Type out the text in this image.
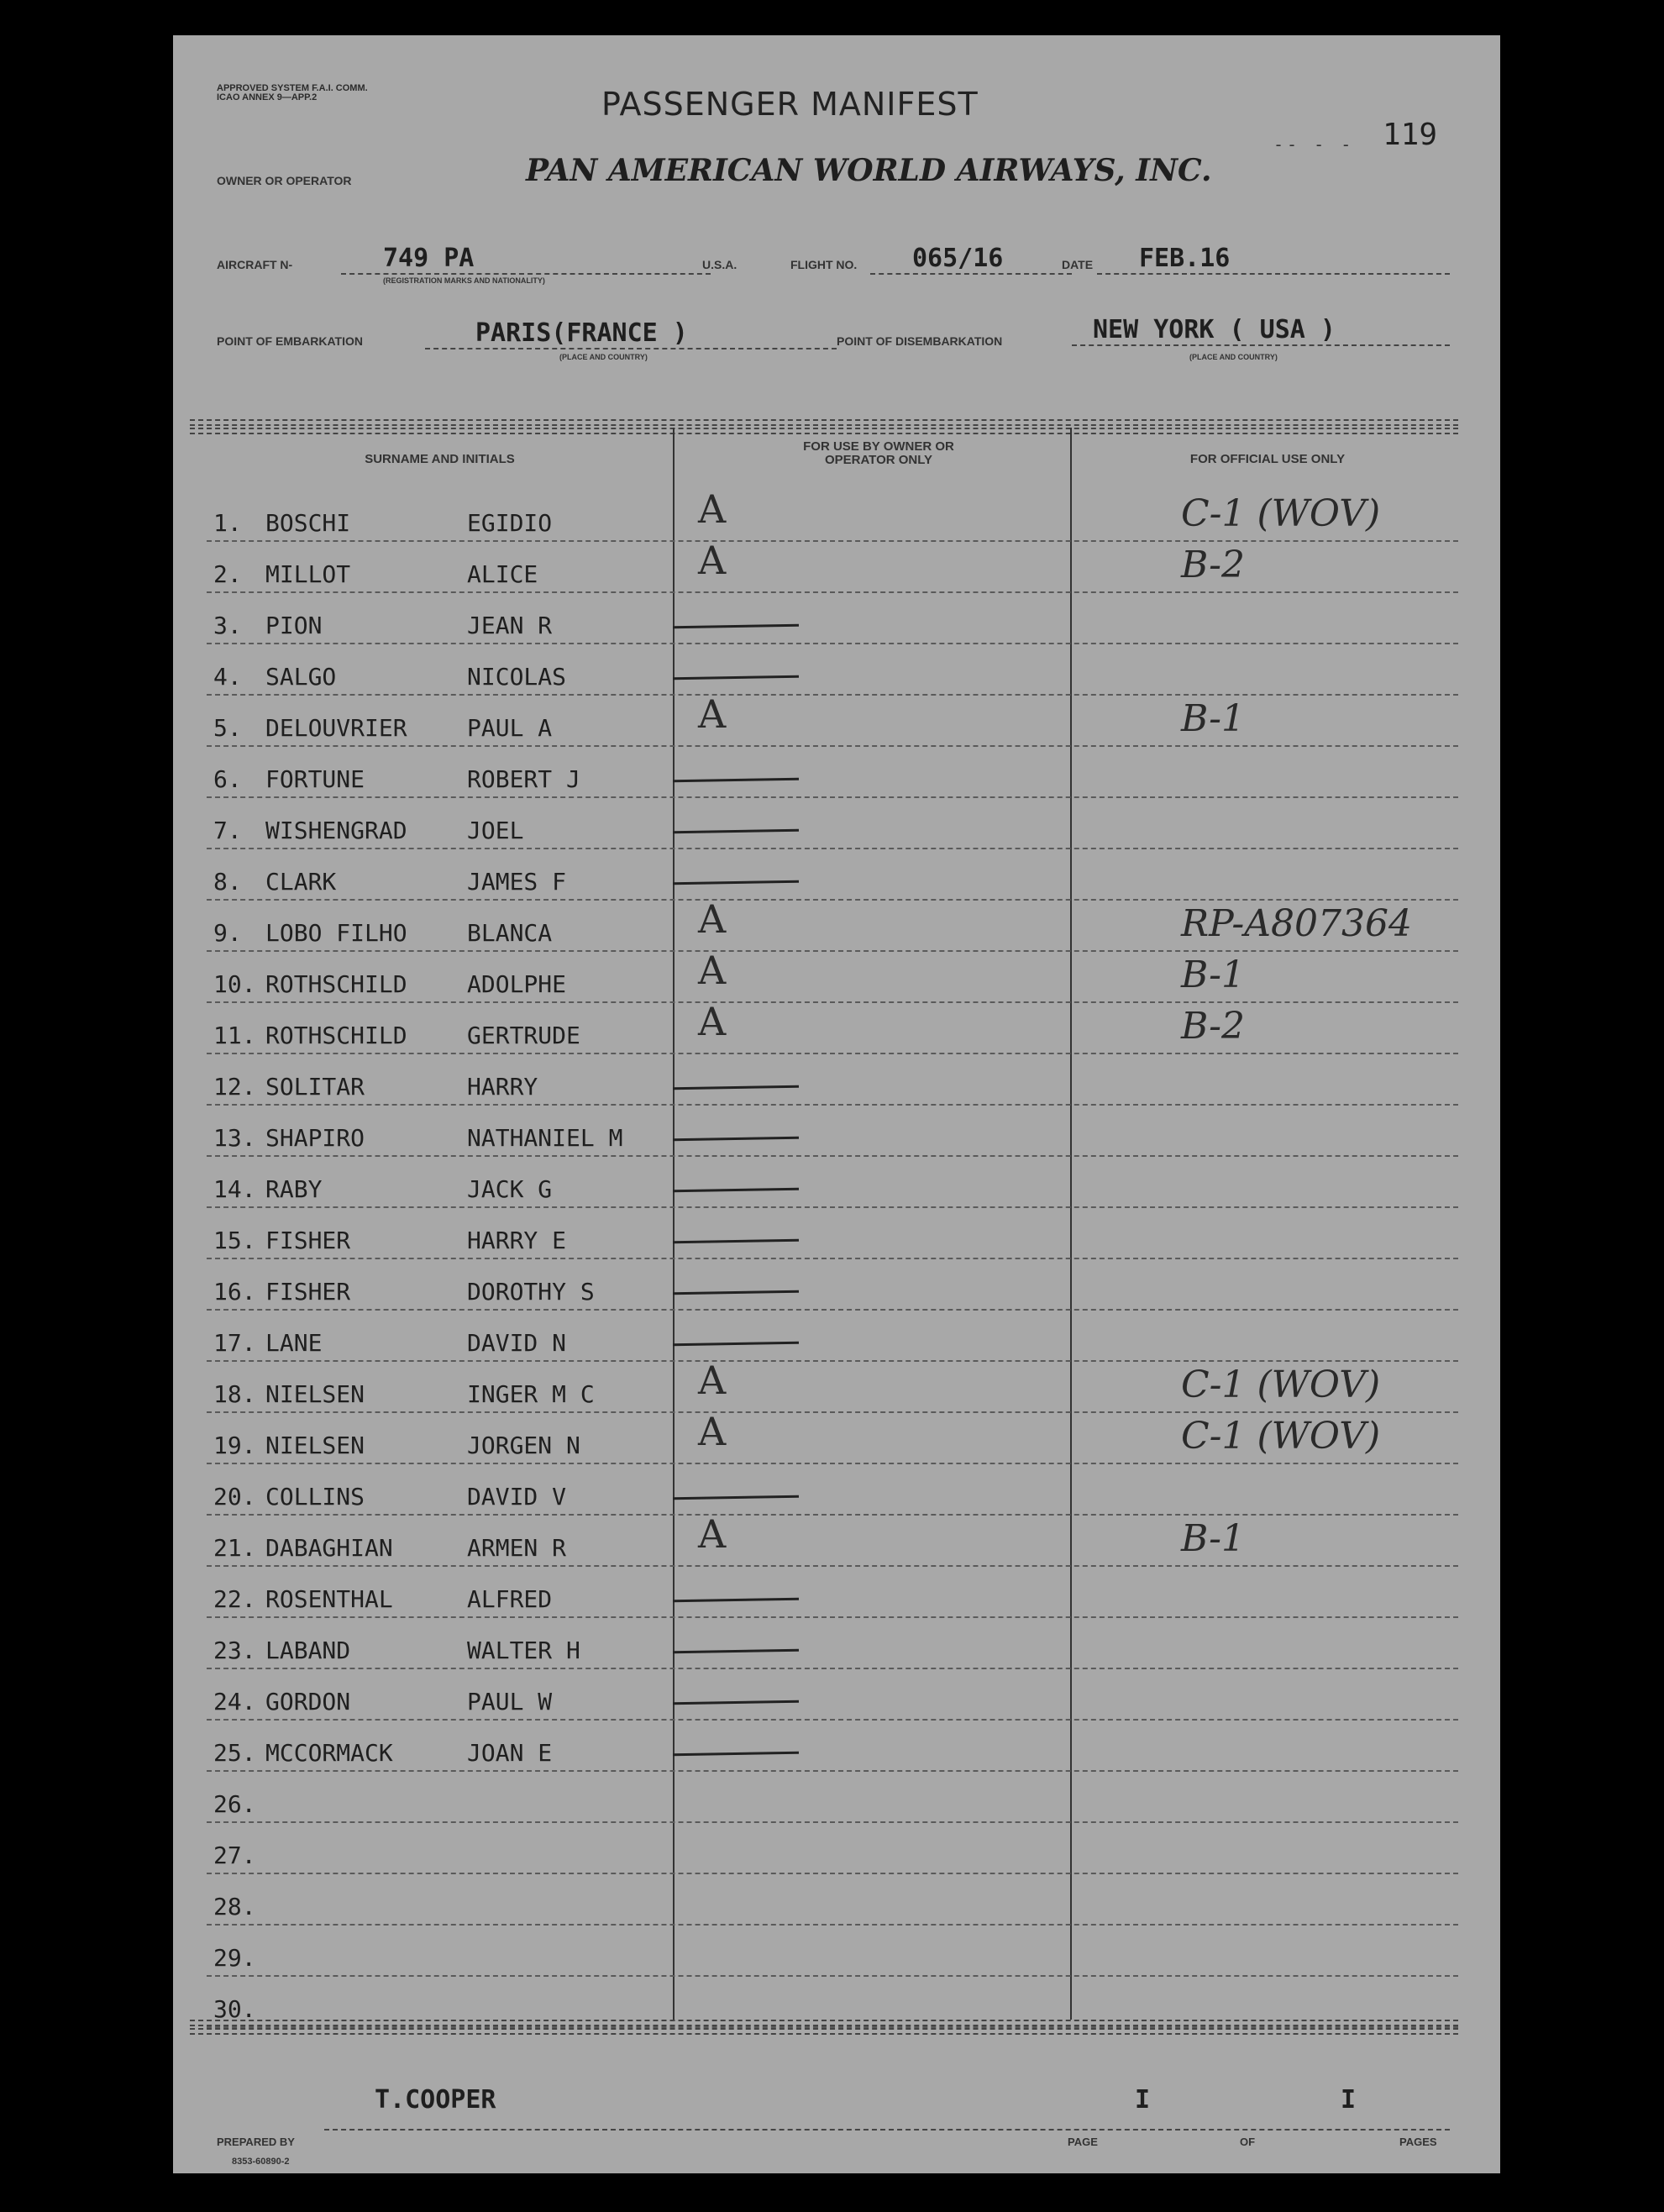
APPROVED SYSTEM F.A.I. COMM. ICAO ANNEX 9—APP.2	PASSENGER MANIFEST
-- - - 119
OWNER OR OPERATOR	PAN AMERICAN WORLD AIRWAYS, INC.
AIRCRAFT N-	749 PA
(REGISTRATION MARKS AND NATIONALITY)
U.S.A.	FLIGHT NO. 065/16	DATE FEB.16
POINT OF EMBARKATION	PARIS(FRANCE )
(PLACE AND COUNTRY)
POINT OF DISEMBARKATION	NEW YORK ( USA )
(PLACE AND COUNTRY)
SURNAME AND INITIALS
FOR USE BY OWNER OR OPERATOR ONLY	FOR OFFICIAL USE ONLY
1. BOSCHI	EGIDIO	A	C-1 (WOV)
2. MILLOT	ALICE	A	B-2
3. PION	JEAN R
4. SALGO	NICOLAS
5. DELOUVRIER	PAUL A	A	B-1
6. FORTUNE	ROBERT J
7. WISHENGRAD	JOEL
8. CLARK	JAMES F
9. LOBO FILHO	BLANCA	A	RP-A807364
10. ROTHSCHILD	ADOLPHE	A	B-1
11. ROTHSCHILD	GERTRUDE	A	B-2
12. SOLITAR	HARRY
13. SHAPIRO	NATHANIEL M
14. RABY	JACK G
15. FISHER	HARRY E
16. FISHER	DOROTHY S
17. LANE	DAVID N
18. NIELSEN	INGER M C	A	C-1 (WOV)
19. NIELSEN	JORGEN N	A	C-1 (WOV)
20. COLLINS	DAVID V
21. DABAGHIAN	ARMEN R	A	B-1
22. ROSENTHAL	ALFRED
23. LABAND	WALTER H
24. GORDON	PAUL W
25. MCCORMACK	JOAN E
26.
27.
28.
29.
30.
T.COOPER	I	I
PREPARED BY	PAGE	OF	PAGES
8353-60890-2
